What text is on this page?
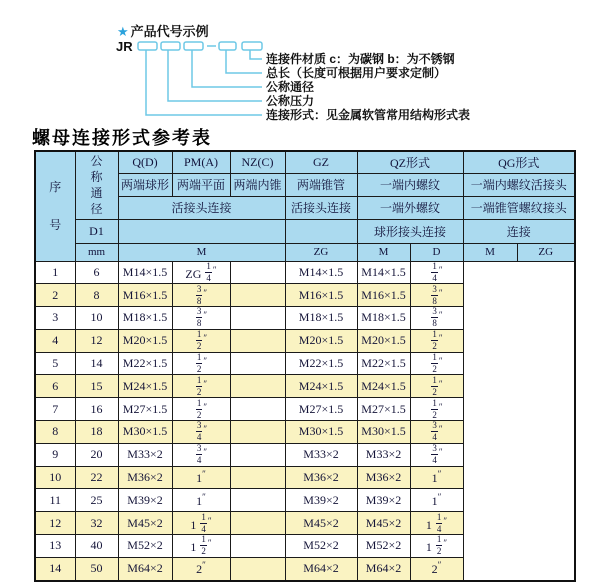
★ 产品代号示例
JR
连接件材质 c：为碳钢 b：为不锈钢
总长（长度可根据用户要求定制）
公称通径
公称压力
连接形式：见金属软管常用结构形式表
螺母连接形式参考表
序
号	公
称
通
径	Q(D)	PM(A)	NZ(C)	GZ	QZ形式		QG形式	
		两端球形	两端平面	两端内锥	两端锥管	一端内螺纹		一端内螺纹活接头	
		活接头连接			活接头连接	一端外螺纹		一端锥管螺纹接头	
	D1					球形接头连接		连接	
	mm	M			ZG	M	D	M	ZG
1	6	M14×1.5	ZG $\frac{1}{4} ''$		M14×1.5	M14×1.5	$\frac{1}{4} ''$
2	8	M16×1.5	$\frac{3}{8} ''$		M16×1.5	M16×1.5	$\frac{3}{8} ''$
3	10	M18×1.5	$\frac{3}{8} ''$		M18×1.5	M18×1.5	$\frac{3}{8} ''$
4	12	M20×1.5	$\frac{1}{2} ''$		M20×1.5	M20×1.5	$\frac{1}{2} ''$
5	14	M22×1.5	$\frac{1}{2} ''$		M22×1.5	M22×1.5	$\frac{1}{2} ''$
6	15	M24×1.5	$\frac{1}{2} ''$		M24×1.5	M24×1.5	$\frac{1}{2} ''$
7	16	M27×1.5	$\frac{1}{2} ''$		M27×1.5	M27×1.5	$\frac{1}{2} ''$
8	18	M30×1.5	$\frac{3}{4} ''$		M30×1.5	M30×1.5	$\frac{3}{4} ''$
9	20	M33×2	$\frac{3}{4} ''$		M33×2	M33×2	$\frac{3}{4} ''$
10	22	M36×2	1″		M36×2	M36×2	1″
11	25	M39×2	1″		M39×2	M39×2	1″
12	32	M45×2	$1 \frac{1}{4} ''$		M45×2	M45×2	$1 \frac{1}{4} ''$
13	40	M52×2	$1 \frac{1}{2} ''$		M52×2	M52×2	$1 \frac{1}{2} ''$
14	50	M64×2	2″		M64×2	M64×2	2″
